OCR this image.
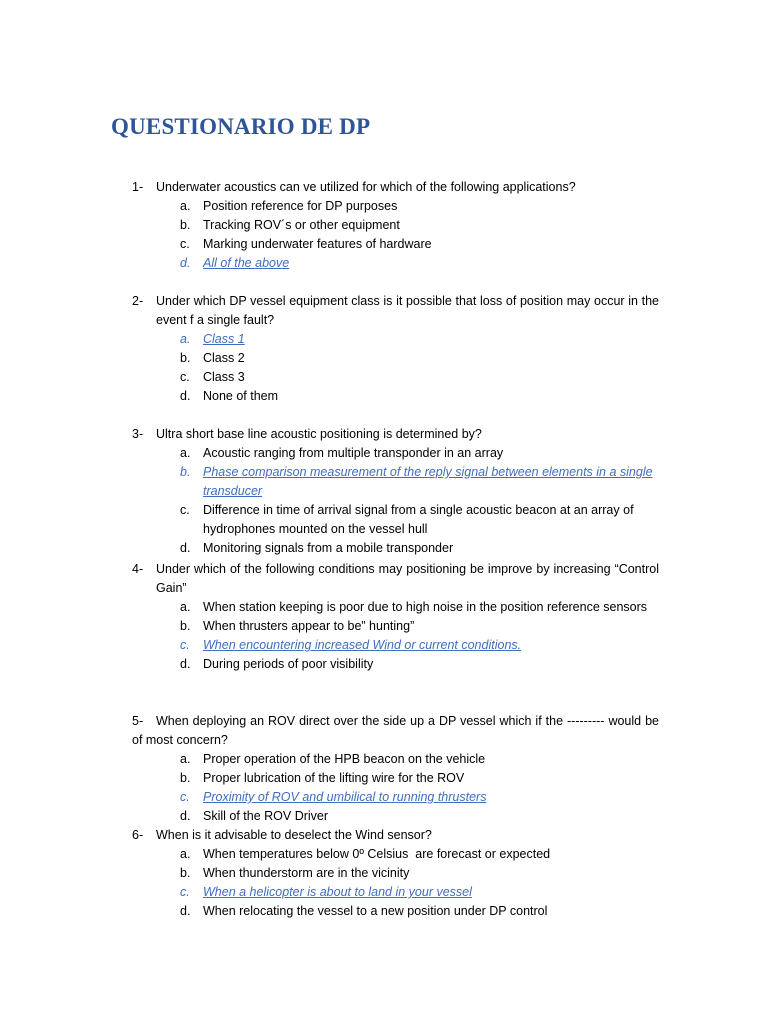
QUESTIONARIO DE DP
1- Underwater acoustics can ve utilized for which of the following applications?
a. Position reference for DP purposes
b. Tracking ROV´s or other equipment
c. Marking underwater features of hardware
d. All of the above
2- Under which DP vessel equipment class is it possible that loss of position may occur in the event f a single fault?
a. Class 1
b. Class 2
c. Class 3
d. None of them
3- Ultra short base line acoustic positioning is determined by?
a. Acoustic ranging from multiple transponder in an array
b. Phase comparison measurement of the reply signal between elements in a single transducer
c. Difference in time of arrival signal from a single acoustic beacon at an array of hydrophones mounted on the vessel hull
d. Monitoring signals from a mobile transponder
4- Under which of the following conditions may positioning be improve by increasing “Control Gain”
a. When station keeping is poor due to high noise in the position reference sensors
b. When thrusters appear to be” hunting”
c. When encountering increased Wind or current conditions.
d. During periods of poor visibility
5-	When deploying an ROV direct over the side up a DP vessel which if the --------- would be of most concern?
a. Proper operation of the HPB beacon on the vehicle
b. Proper lubrication of the lifting wire for the ROV
c. Proximity of ROV and umbilical to running thrusters
d. Skill of the ROV Driver
6- When is it advisable to deselect the Wind sensor?
a. When temperatures below 0º Celsius  are forecast or expected
b. When thunderstorm are in the vicinity
c. When a helicopter is about to land in your vessel
d. When relocating the vessel to a new position under DP control
